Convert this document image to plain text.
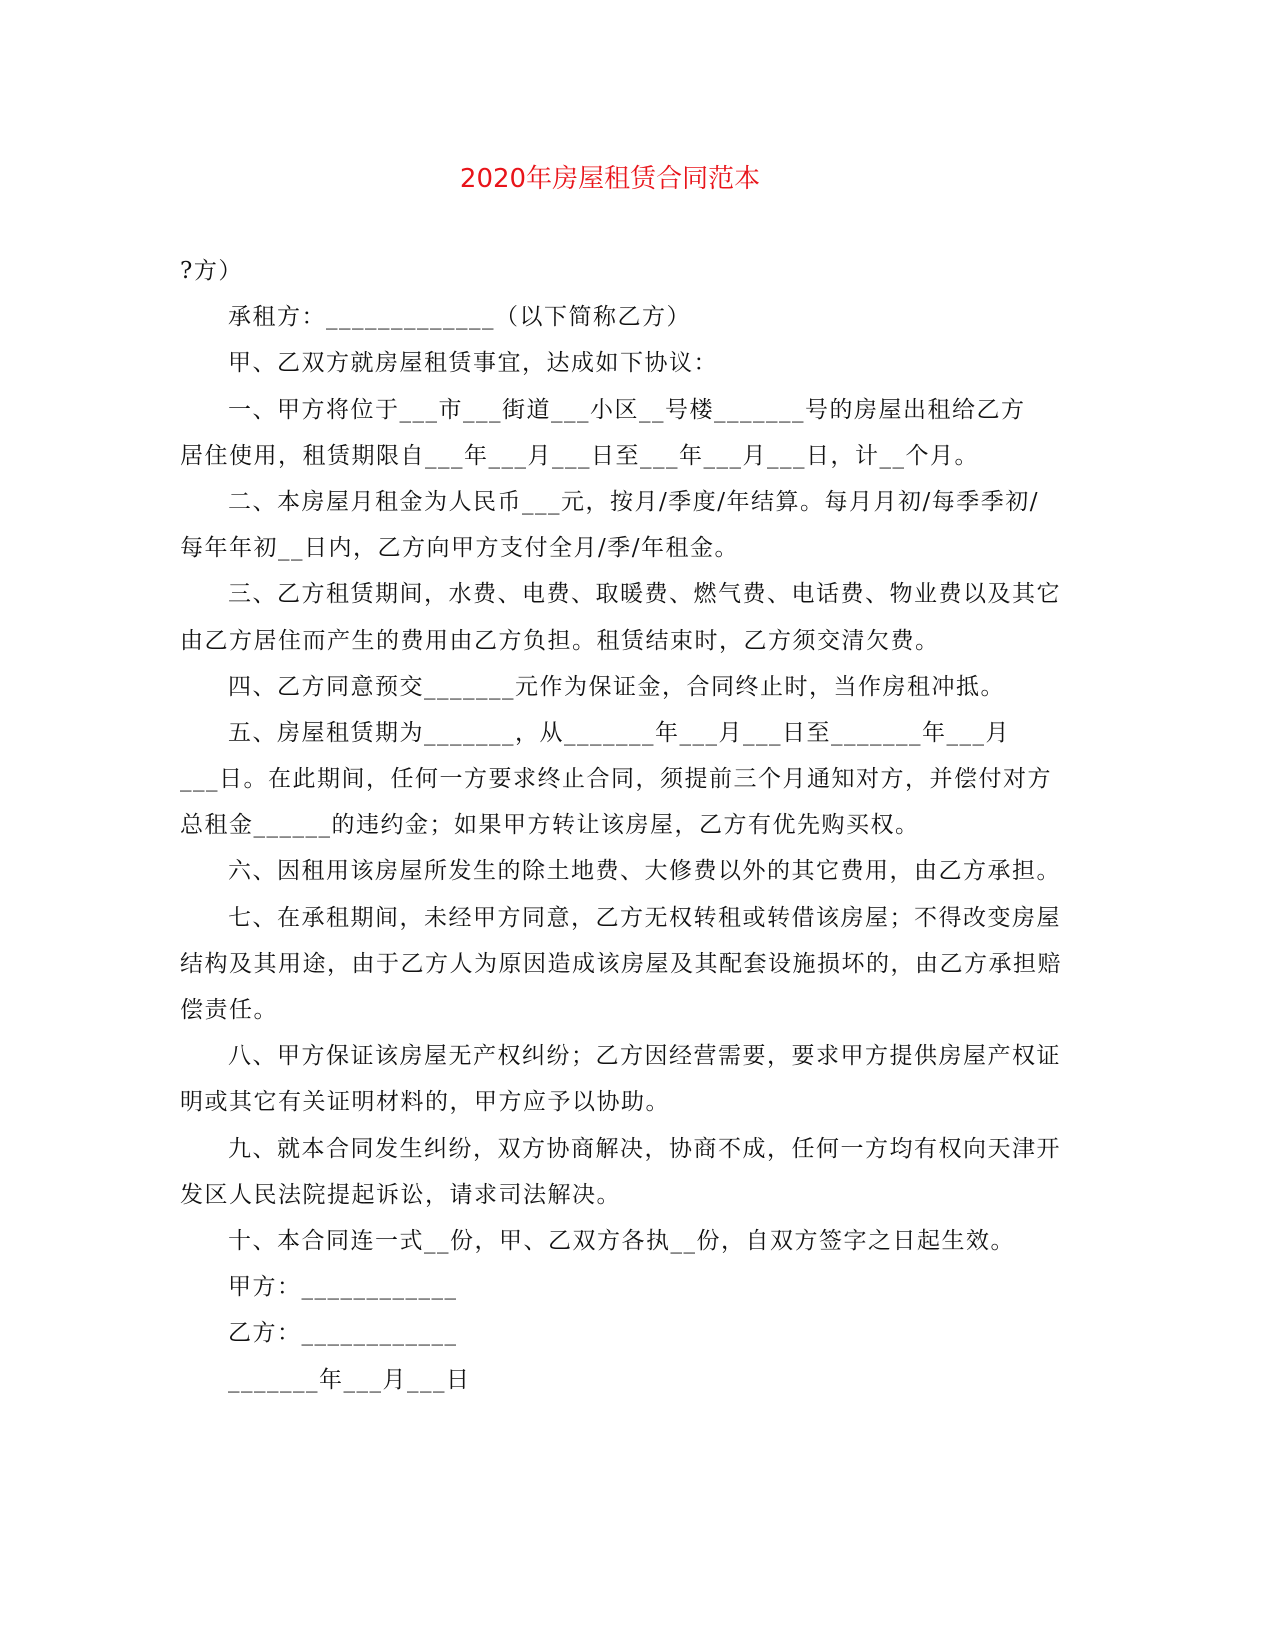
2020年房屋租赁合同范本
?方）
承租方：_____________（以下简称乙方）
甲、乙双方就房屋租赁事宜，达成如下协议：
一、甲方将位于___市___街道___小区__号楼_______号的房屋出租给乙方
居住使用，租赁期限自___年___月___日至___年___月___日，计__个月。
二、本房屋月租金为人民币___元，按月/季度/年结算。每月月初/每季季初/
每年年初__日内，乙方向甲方支付全月/季/年租金。
三、乙方租赁期间，水费、电费、取暖费、燃气费、电话费、物业费以及其它
由乙方居住而产生的费用由乙方负担。租赁结束时，乙方须交清欠费。
四、乙方同意预交_______元作为保证金，合同终止时，当作房租冲抵。
五、房屋租赁期为_______，从_______年___月___日至_______年___月
___日。在此期间，任何一方要求终止合同，须提前三个月通知对方，并偿付对方
总租金______的违约金；如果甲方转让该房屋，乙方有优先购买权。
六、因租用该房屋所发生的除土地费、大修费以外的其它费用，由乙方承担。
七、在承租期间，未经甲方同意，乙方无权转租或转借该房屋；不得改变房屋
结构及其用途，由于乙方人为原因造成该房屋及其配套设施损坏的，由乙方承担赔
偿责任。
八、甲方保证该房屋无产权纠纷；乙方因经营需要，要求甲方提供房屋产权证
明或其它有关证明材料的，甲方应予以协助。
九、就本合同发生纠纷，双方协商解决，协商不成，任何一方均有权向天津开
发区人民法院提起诉讼，请求司法解决。
十、本合同连一式__份，甲、乙双方各执__份，自双方签字之日起生效。
甲方：____________
乙方：____________
_______年___月___日
